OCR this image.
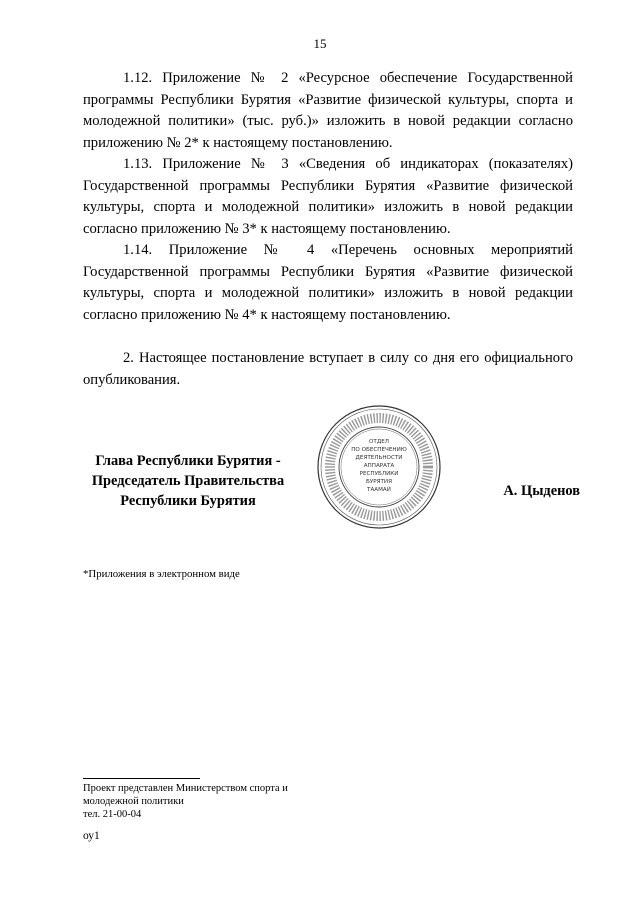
15

1.12. Приложение № 2 «Ресурсное обеспечение Государственной программы Республики Бурятия «Развитие физической культуры, спорта и молодежной политики» (тыс. руб.)» изложить в новой редакции согласно приложению № 2* к настоящему постановлению.

1.13. Приложение № 3 «Сведения об индикаторах (показателях) Государственной программы Республики Бурятия «Развитие физической культуры, спорта и молодежной политики» изложить в новой редакции согласно приложению № 3* к настоящему постановлению.

1.14. Приложение № 4 «Перечень основных мероприятий Государственной программы Республики Бурятия «Развитие физической культуры, спорта и молодежной политики» изложить в новой редакции согласно приложению № 4* к настоящему постановлению.

2. Настоящее постановление вступает в силу со дня его официального опубликования.

Глава Республики Бурятия -
Председатель Правительства
Республики Бурятия
ОТДЕЛ
ПО ОБЕСПЕЧЕНИЮ
ДЕЯТЕЛЬНОСТИ
АППАРАТА
РЕСПУБЛИКИ
БУРЯТИЯ
ТААМАЙ	А. Цыденов
*Приложения в электронном виде
Проект представлен Министерством спорта и
молодежной политики
тел. 21-00-04
оу1
